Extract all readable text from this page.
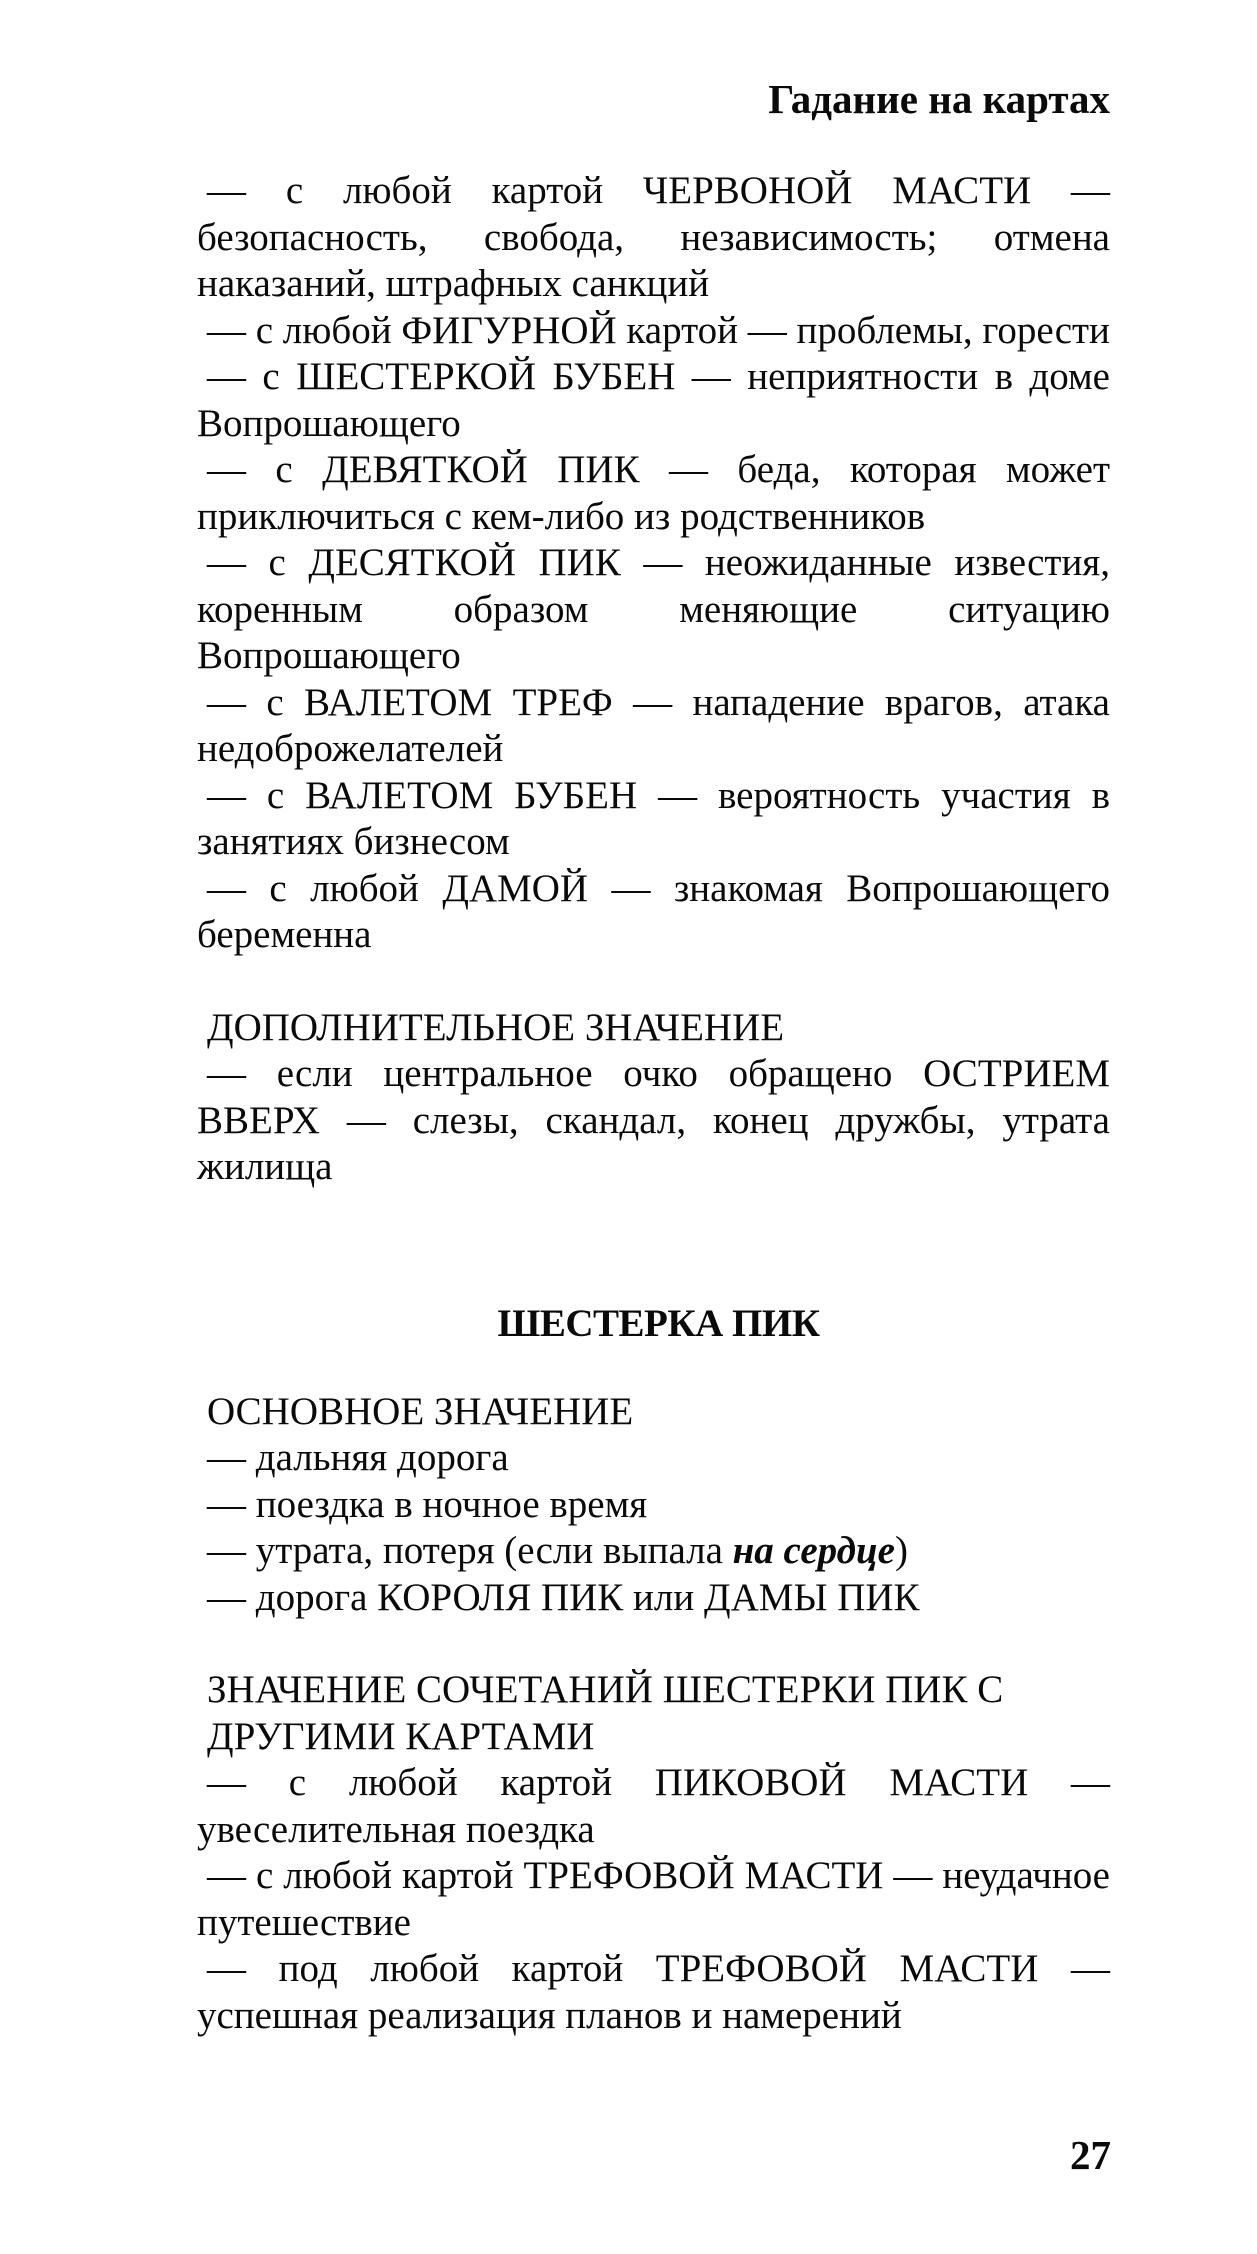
Гадание на картах

— с любой картой ЧЕРВОНОЙ МАСТИ — безопасность, свобода, независимость; отмена наказаний, штрафных санкций

— с любой ФИГУРНОЙ картой — проблемы, горести

— с ШЕСТЕРКОЙ БУБЕН — неприятности в доме Вопрошающего

— с ДЕВЯТКОЙ ПИК — беда, которая может приключиться с кем-либо из родственников

— с ДЕСЯТКОЙ ПИК — неожиданные известия, коренным образом меняющие ситуацию Вопрошающего

— с ВАЛЕТОМ ТРЕФ — нападение врагов, атака недоброжелателей

— с ВАЛЕТОМ БУБЕН — вероятность участия в занятиях бизнесом

— с любой ДАМОЙ — знакомая Вопрошающего беременна

ДОПОЛНИТЕЛЬНОЕ ЗНАЧЕНИЕ

— если центральное очко обращено ОСТРИЕМ ВВЕРХ — слезы, скандал, конец дружбы, утрата жилища

ШЕСТЕРКА ПИК

ОСНОВНОЕ ЗНАЧЕНИЕ

— дальняя дорога
— поездка в ночное время
— утрата, потеря (если выпала на сердце)
— дорога КОРОЛЯ ПИК или ДАМЫ ПИК

ЗНАЧЕНИЕ СОЧЕТАНИЙ ШЕСТЕРКИ ПИК С ДРУГИМИ КАРТАМИ

— с любой картой ПИКОВОЙ МАСТИ — увеселительная поездка

— с любой картой ТРЕФОВОЙ МАСТИ — неудачное путешествие

— под любой картой ТРЕФОВОЙ МАСТИ — успешная реализация планов и намерений

27
